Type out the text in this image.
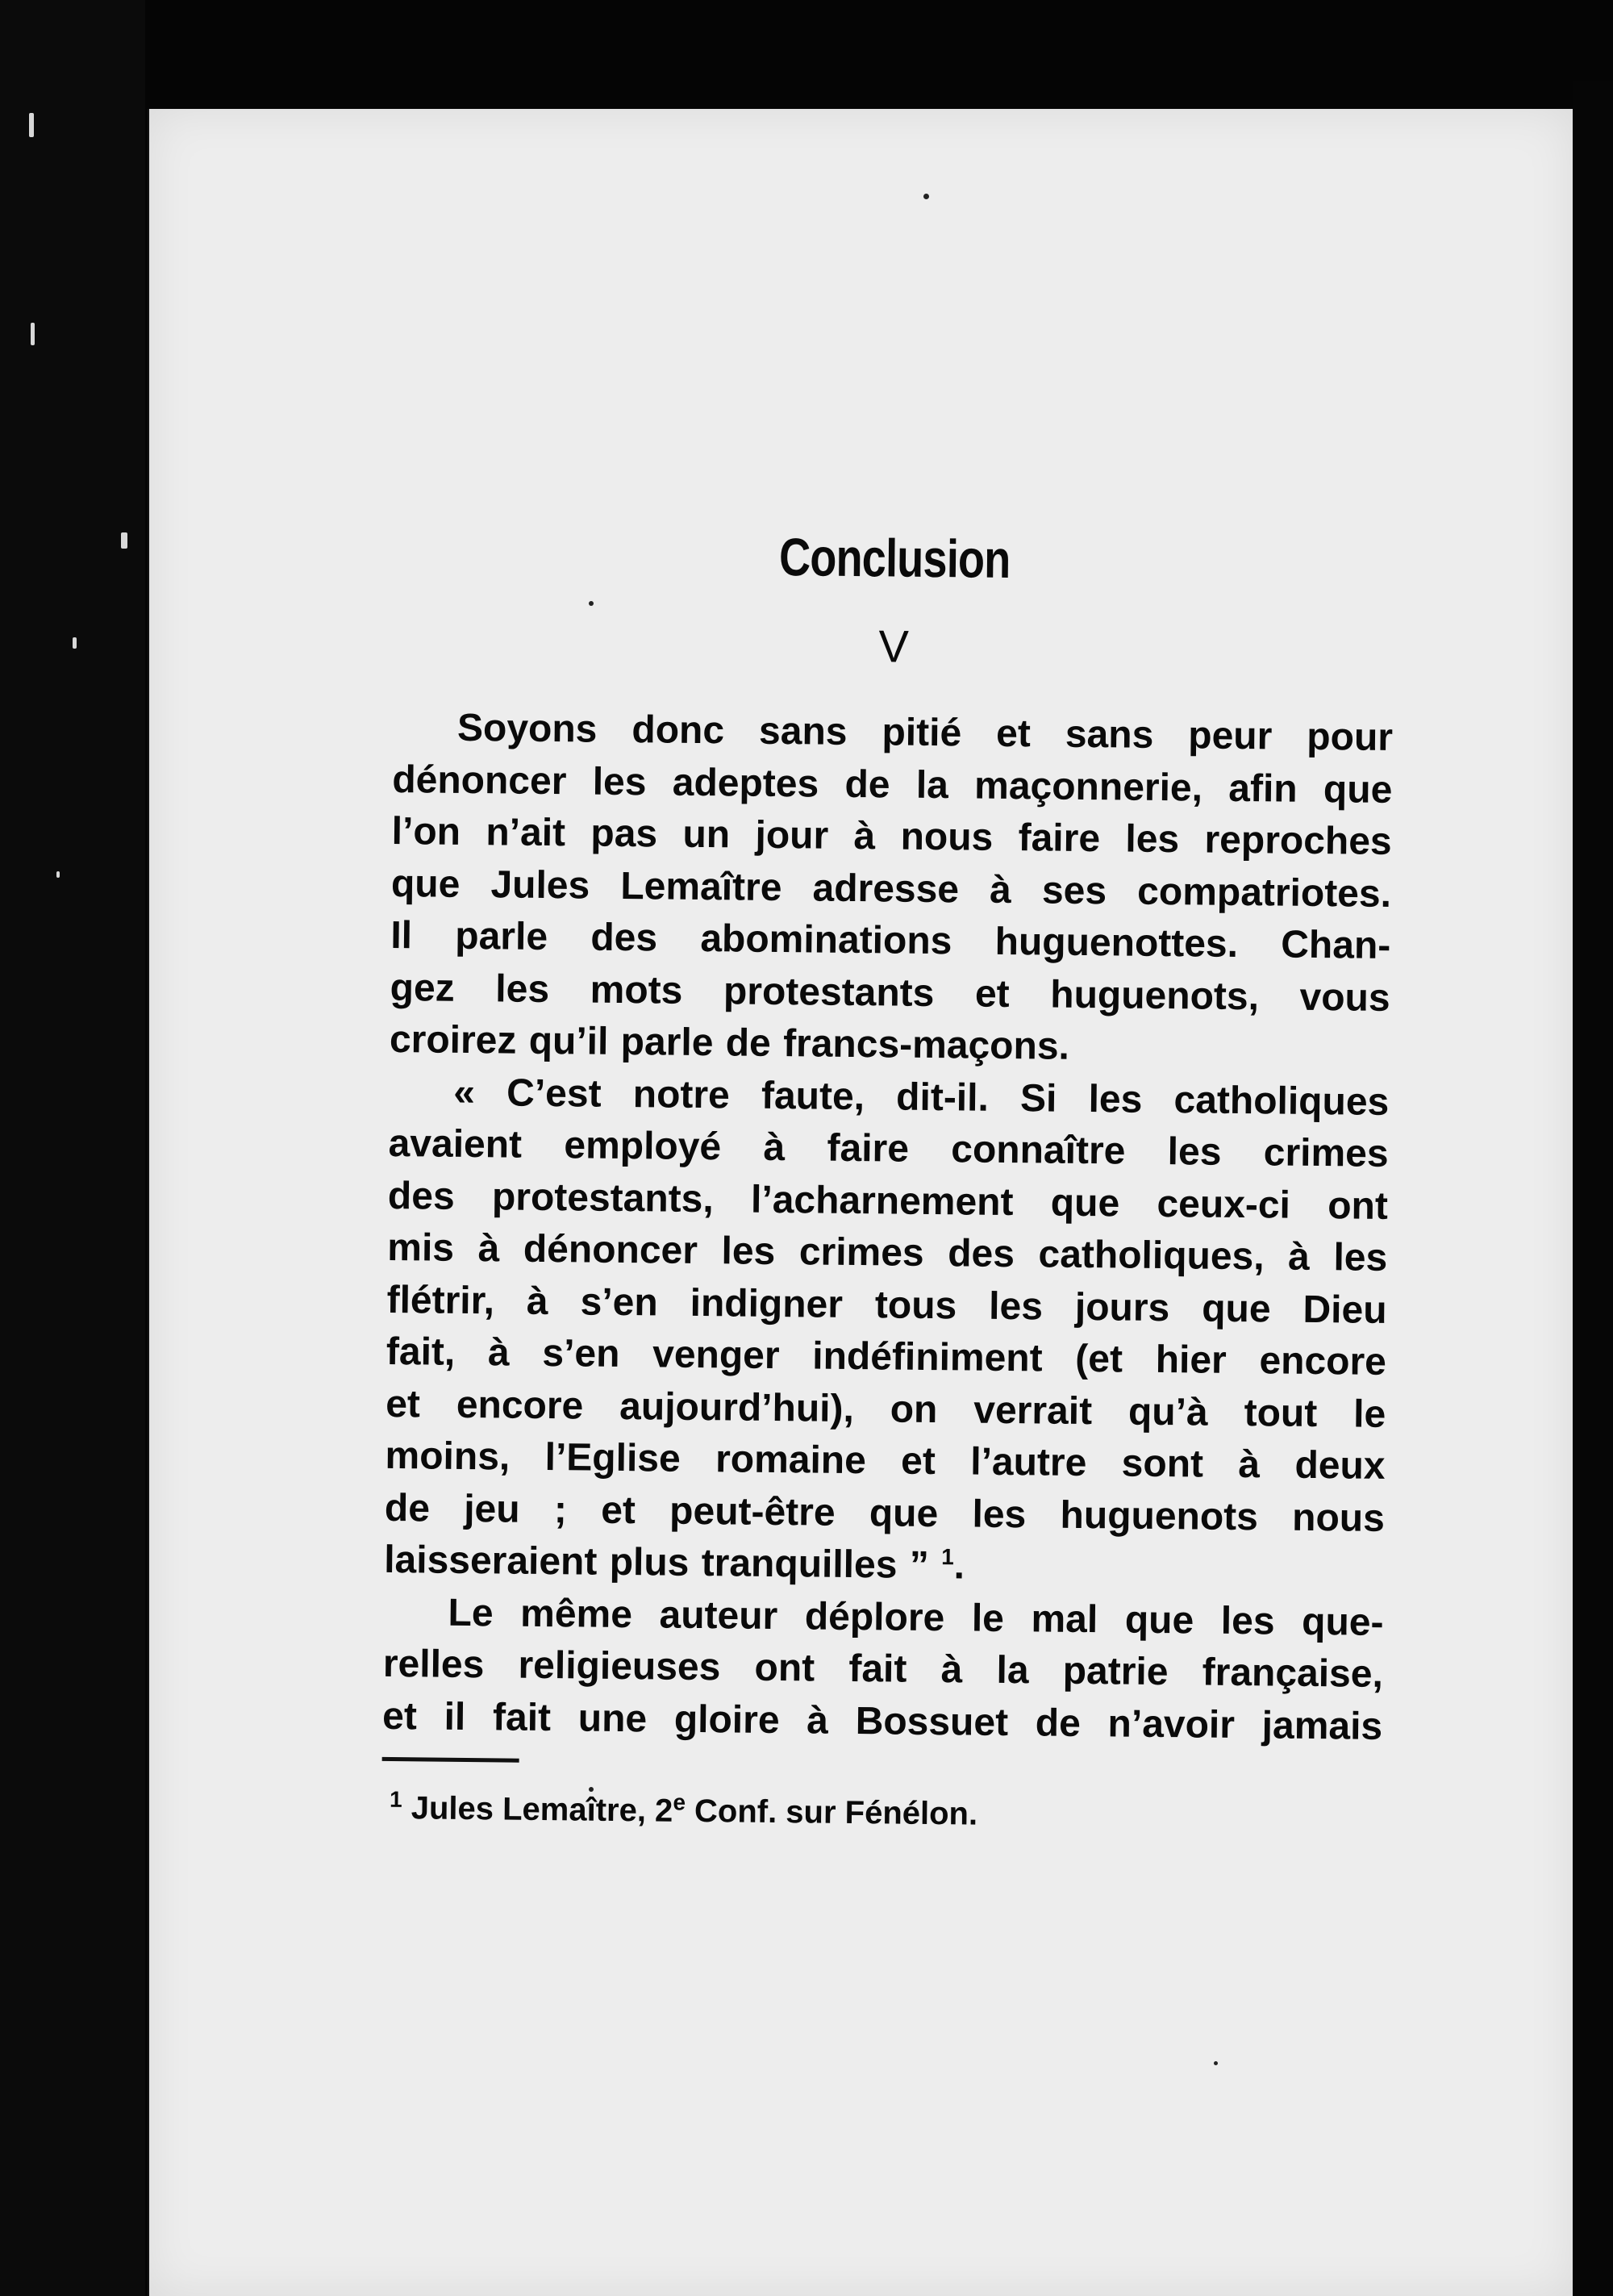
Conclusion
V

Soyons donc sans pitié et sans peur pour
dénoncer les adeptes de la maçonnerie, afin que
l’on n’ait pas un jour à nous faire les reproches
que Jules Lemaître adresse à ses compatriotes.
Il parle des abominations huguenottes. Chan-
gez les mots protestants et huguenots, vous
croirez qu’il parle de francs-maçons.

« C’est notre faute, dit-il. Si les catholiques
avaient employé à faire connaître les crimes
des protestants, l’acharnement que ceux-ci ont
mis à dénoncer les crimes des catholiques, à les
flétrir, à s’en indigner tous les jours que Dieu
fait, à s’en venger indéfiniment (et hier encore
et encore aujourd’hui), on verrait qu’à tout le
moins, l’Eglise romaine et l’autre sont à deux
de jeu ; et peut-être que les huguenots nous
laisseraient plus tranquilles ” $^1$.

Le même auteur déplore le mal que les que-
relles religieuses ont fait à la patrie française,
et il fait une gloire à Bossuet de n’avoir jamais

$^1$ Jules Lemaître, 2e Conf. sur Fénélon.
